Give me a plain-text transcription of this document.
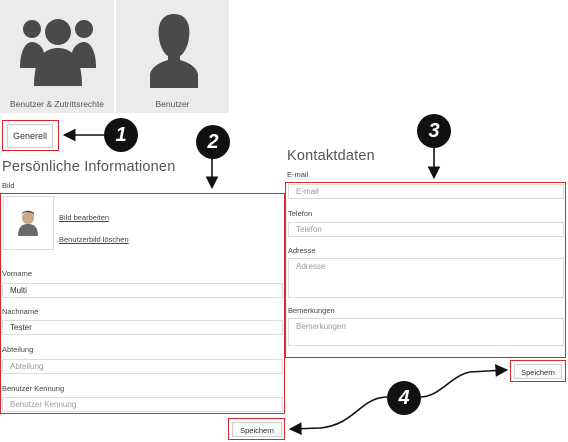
Benutzer & Zutrittsrechte	Benutzer
Generell
Persönliche Informationen
Bild
Bild bearbeiten
Benutzerbild löschen
Vorname
Multi
Nachname
Tester
Abteilung
Abteilung
Benutzer Kennung
Benutzer Kennung
Speichern
Kontaktdaten
E-mail
E-mail
Telefon
Telefon
Adresse
Adresse
Bemerkungen
Bemerkungen
Speichern
1	2	3
4
